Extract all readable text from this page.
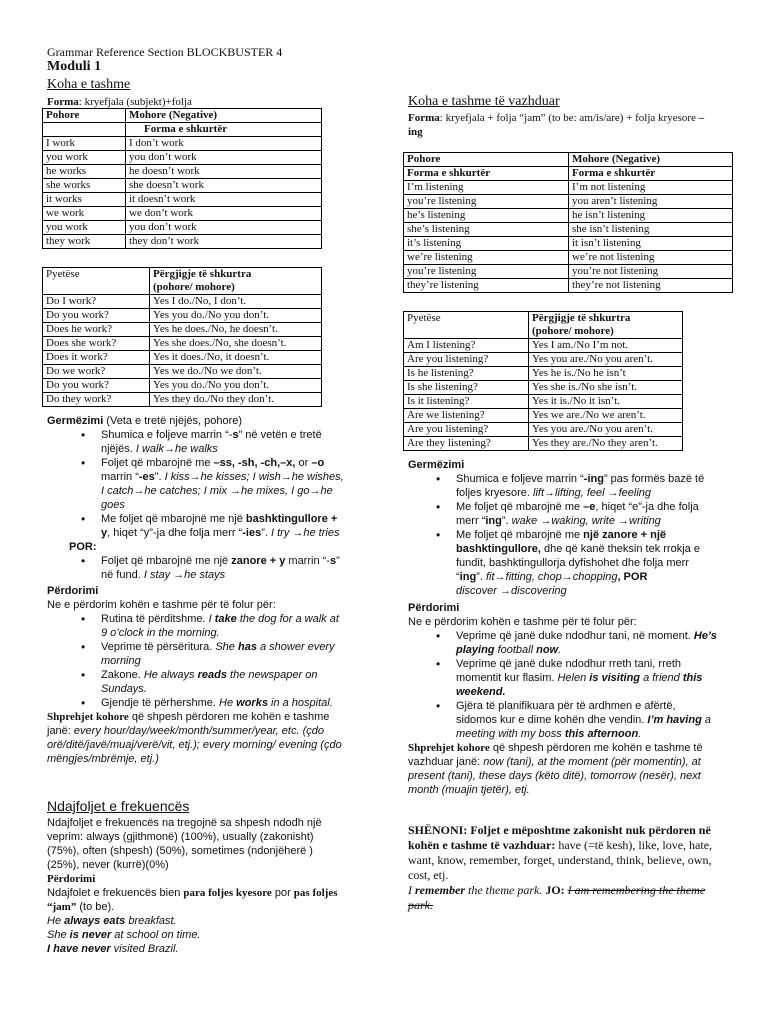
Grammar Reference Section BLOCKBUSTER 4
Moduli 1
Koha e tashme
Forma: kryefjala (subjekt)+folja
Pohore	Mohore (Negative)
	Forma e shkurtër
I work	I don’t work
you work	you don’t work
he works	he doesn’t work
she works	she doesn’t work
it works	it doesn’t work
we work	we don’t work
you work	you don’t work
they work	they don’t work
Pyetëse	Përgjigje të shkurtra
(pohore/ mohore)
Do I work?	Yes I do./No, I don’t.
Do you work?	Yes you do./No you don’t.
Does he work?	Yes he does./No, he doesn’t.
Does she work?	Yes she does./No, she doesn’t.
Does it work?	Yes it does./No, it doesn’t.
Do we work?	Yes we do./No we don’t.
Do you work?	Yes you do./No you don’t.
Do they work?	Yes they do./No they don’t.
Germëzimi (Veta e tretë njëjës, pohore)
• Shumica e foljeve marrin “-s” në vetën e tretë njëjës. I walk→he walks
• Foljet që mbarojnë me –ss, -sh, -ch,–x, or –o marrin “-es”. I kiss→he kisses; I wish→he wishes, I catch→he catches; I mix →he mixes, I go→he goes
• Me foljet që mbarojnë me një bashktingullore + y, hiqet “y”-ja dhe folja merr “-ies”. I try →he tries
POR:
• Foljet që mbarojnë me një zanore + y marrin “-s” në fund. I stay →he stays
Përdorimi
Ne e përdorim kohën e tashme për të folur për:
• Rutina të përditshme. I take the dog for a walk at 9 o’clock in the morning.
• Veprime të përsëritura. She has a shower every morning
• Zakone. He always reads the newspaper on Sundays.
• Gjendje të përhershme. He works in a hospital.
Shprehjet kohore që shpesh përdoren me kohën e tashme janë: every hour/day/week/month/summer/year, etc. (çdo orë/ditë/javë/muaj/verë/vit, etj.); every morning/ evening (çdo mëngjes/mbrëmje, etj.)
Ndajfoljet e frekuencës
Ndajfoljet e frekuencës na tregojnë sa shpesh ndodh një veprim: always (gjithmonë) (100%), usually (zakonisht) (75%), often (shpesh) (50%), sometimes (ndonjëherë ) (25%), never (kurrë)(0%)
Përdorimi
Ndajfolet e frekuencës bien para foljes kyesore por pas foljes “jam” (to be).
He always eats breakfast.
She is never at school on time.
I have never visited Brazil.
Koha e tashme të vazhduar
Forma: kryefjala + folja “jam” (to be: am/is/are) + folja kryesore –ing
Pohore	Mohore (Negative)
Forma e shkurtër	Forma e shkurtër
I’m listening	I’m not listening
you’re listening	you aren’t listening
he’s listening	he isn’t listening
she’s listening	she isn’t listening
it’s listening	it isn’t listening
we’re listening	we’re not listening
you’re listening	you’re not listening
they’re listening	they’re not listening
Pyetëse	Përgjigje të shkurtra
(pohore/ mohore)
Am I listening?	Yes I am./No I’m not.
Are you listening?	Yes you are./No you aren’t.
Is he listening?	Yes he is./No he isn’t
Is she listening?	Yes she is./No she isn’t.
Is it listening?	Yes it is./No it isn’t.
Are we listening?	Yes we are./No we aren’t.
Are you listening?	Yes you are./No you aren’t.
Are they listening?	Yes they are./No they aren’t.
Germëzimi
• Shumica e foljeve marrin “-ing” pas formës bazë të foljes kryesore. lift→lifting, feel →feeling
• Me foljet që mbarojnë me –e, hiqet “e”-ja dhe folja merr “ing”. wake →waking, write →writing
• Me foljet që mbarojnë me një zanore + një bashktingullore, dhe që kanë theksin tek rrokja e fundit, bashktingullorja dyfishohet dhe folja merr “ing”. fit→fitting, chop→chopping, POR
discover →discovering
Përdorimi
Ne e përdorim kohën e tashme për të folur për:
• Veprime që janë duke ndodhur tani, në moment. He’s playing football now.
• Veprime që janë duke ndodhur rreth tani, rreth momentit kur flasim. Helen is visiting a friend this weekend.
• Gjëra të planifikuara për të ardhmen e afërtë, sidomos kur e dime kohën dhe vendin. I’m having a meeting with my boss this afternoon.
Shprehjet kohore që shpesh përdoren me kohën e tashme të vazhduar janë: now (tani), at the moment (për momentin), at present (tani), these days (këto ditë), tomorrow (nesër), next month (muajin tjetër), etj.
SHËNONI: Foljet e mëposhtme zakonisht nuk përdoren në kohën e tashme të vazhduar: have (=të kesh), like, love, hate, want, know, remember, forget, understand, think, believe, own, cost, etj.
I remember the theme park. JO: I am remembering the theme park.
